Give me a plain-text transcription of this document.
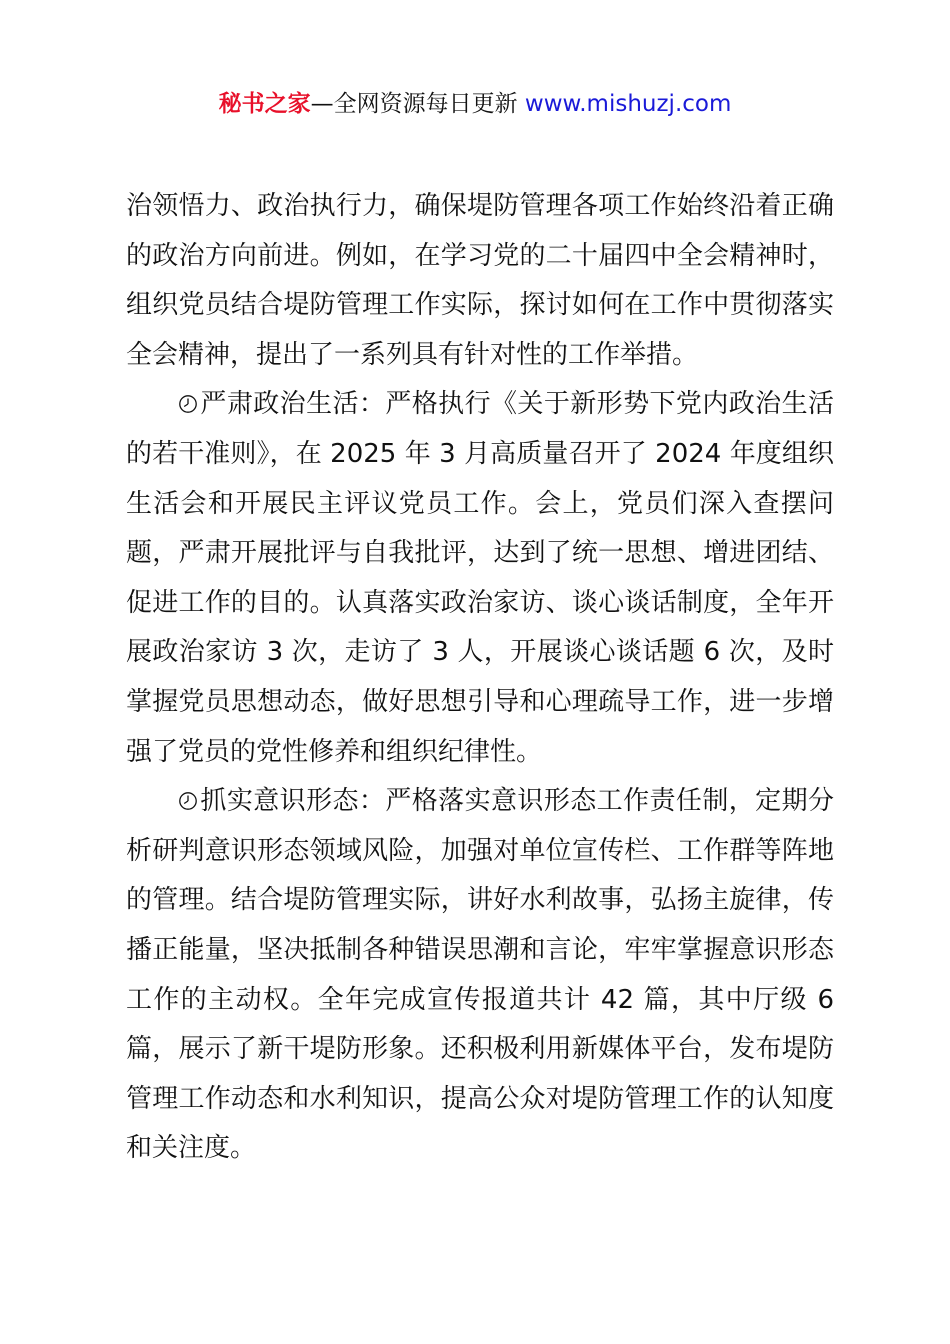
秘书之家—全网资源每日更新 www.mishuzj.com

治领悟力、政治执行力，确保堤防管理各项工作始终沿着正确的政治方向前进。例如，在学习党的二十届四中全会精神时，组织党员结合堤防管理工作实际，探讨如何在工作中贯彻落实全会精神，提出了一系列具有针对性的工作举措。

严肃政治生活：严格执行《关于新形势下党内政治生活的若干准则》，在 2025 年 3 月高质量召开了 2024 年度组织生活会和开展民主评议党员工作。会上，党员们深入查摆问题，严肃开展批评与自我批评，达到了统一思想、增进团结、促进工作的目的。认真落实政治家访、谈心谈话制度，全年开展政治家访 3 次，走访了 3 人，开展谈心谈话题 6 次，及时掌握党员思想动态，做好思想引导和心理疏导工作，进一步增强了党员的党性修养和组织纪律性。

抓实意识形态：严格落实意识形态工作责任制，定期分析研判意识形态领域风险，加强对单位宣传栏、工作群等阵地的管理。结合堤防管理实际，讲好水利故事，弘扬主旋律，传播正能量，坚决抵制各种错误思潮和言论，牢牢掌握意识形态工作的主动权。全年完成宣传报道共计 42 篇，其中厅级 6 篇，展示了新干堤防形象。还积极利用新媒体平台，发布堤防管理工作动态和水利知识，提高公众对堤防管理工作的认知度和关注度。
